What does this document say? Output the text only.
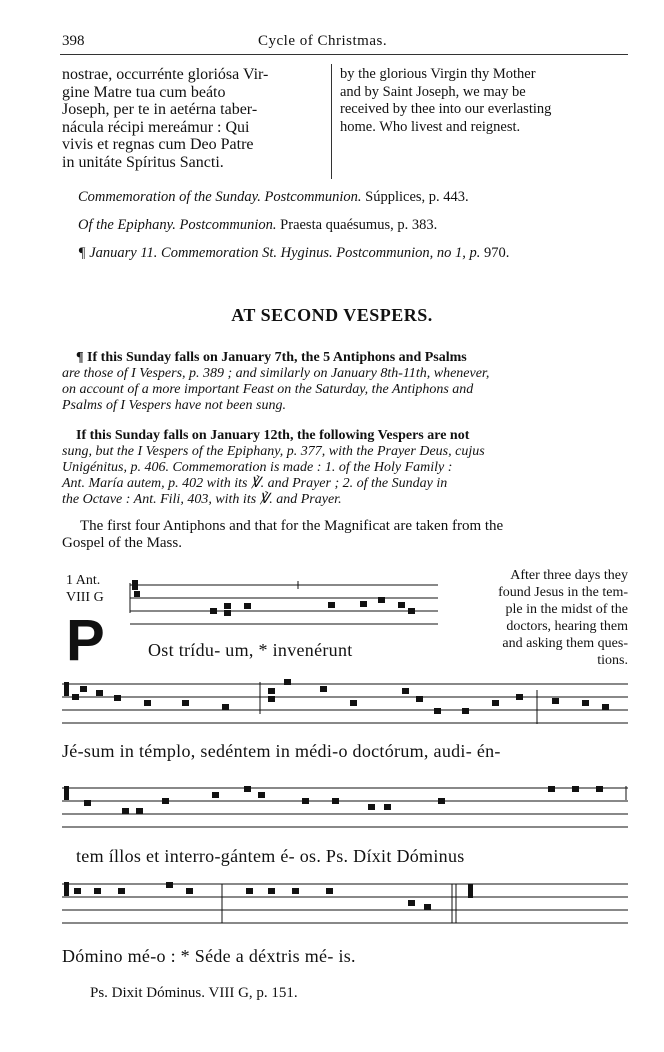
398	Cycle of Christmas.
nostrae, occurrénte gloriósa Vir-
gine Matre tua cum beáto
Joseph, per te in aetérna taber-
nácula récipi mereámur : Qui
vivis et regnas cum Deo Patre
in unitáte Spíritus Sancti.
by the glorious Virgin thy Mother
and by Saint Joseph, we may be
received by thee into our everlasting
home. Who livest and reignest.
Commemoration of the Sunday. Postcommunion. Súpplices, p. 443.
Of the Epiphany. Postcommunion. Praesta quaésumus, p. 383.
¶ January 11. Commemoration St. Hyginus. Postcommunion, no 1, p. 970.
AT SECOND VESPERS.
¶ If this Sunday falls on January 7th, the 5 Antiphons and Psalms
are those of I Vespers, p. 389 ; and similarly on January 8th-11th, whenever,
on account of a more important Feast on the Saturday, the Antiphons and
Psalms of I Vespers have not been sung.
If this Sunday falls on January 12th, the following Vespers are not
sung, but the I Vespers of the Epiphany, p. 377, with the Prayer Deus, cujus
Unigénitus, p. 406. Commemoration is made : 1. of the Holy Family :
Ant. María autem, p. 402 with its ℣. and Prayer ; 2. of the Sunday in
the Octave : Ant. Fili, 403, with its ℣. and Prayer.
The first four Antiphons and that for the Magnificat are taken from the
Gospel of the Mass.
1 Ant.
VIII G
After three days they
found Jesus in the tem-
ple in the midst of the
doctors, hearing them
and asking them ques-
tions.
P Ost trídu- um, * invenérunt
Jé-sum in témplo, sedéntem in médi-o doctórum, audi- én-
tem íllos et interro-gántem é- os. Ps. Díxit Dóminus
Dómino mé-o : * Séde a déxtris mé- is.
Ps. Dixit Dóminus. VIII G, p. 151.
